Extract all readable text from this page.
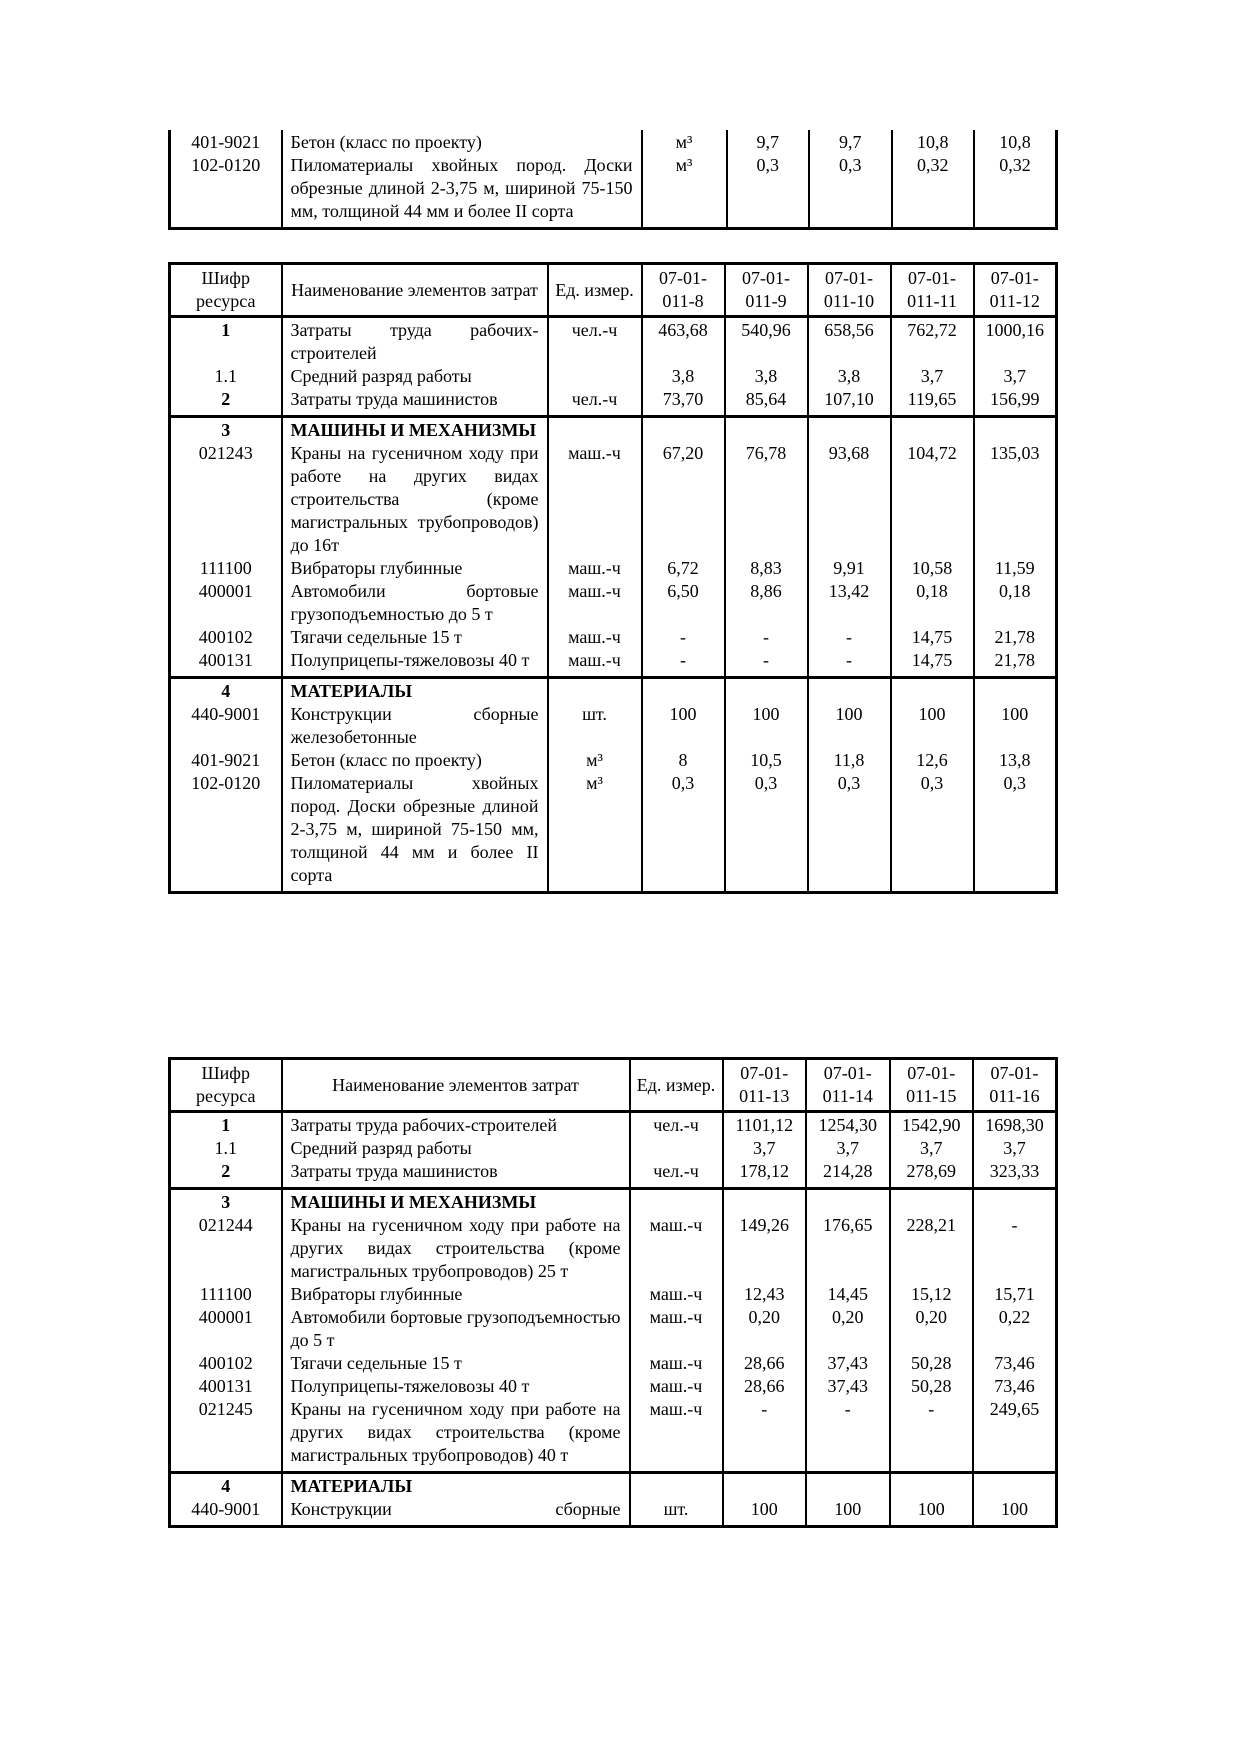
401-9021	Бетон (класс по проекту)	м³	9,7	9,7	10,8	10,8
102-0120	Пиломатериалы хвойных пород. Доски обрезные длиной 2-3,75 м, шириной 75-150 мм, толщиной 44 мм и более II сорта	м³	0,3	0,3	0,32	0,32
Шифр ресурса	Наименование элементов затрат	Ед. измер.	07-01-011-8	07-01-011-9	07-01-011-10	07-01-011-11	07-01-011-12
1	Затраты труда рабочих-строителей	чел.-ч	463,68	540,96	658,56	762,72	1000,16
1.1	Средний разряд работы		3,8	3,8	3,8	3,7	3,7
2	Затраты труда машинистов	чел.-ч	73,70	85,64	107,10	119,65	156,99
3	МАШИНЫ И МЕХАНИЗМЫ						
021243	Краны на гусеничном ходу при работе на других видах строительства (кроме магистральных трубопроводов) до 16т	маш.-ч	67,20	76,78	93,68	104,72	135,03
111100	Вибраторы глубинные	маш.-ч	6,72	8,83	9,91	10,58	11,59
400001	Автомобили бортовые грузоподъемностью до 5 т	маш.-ч	6,50	8,86	13,42	0,18	0,18
400102	Тягачи седельные 15 т	маш.-ч	-	-	-	14,75	21,78
400131	Полуприцепы-тяжеловозы 40 т	маш.-ч	-	-	-	14,75	21,78
4	МАТЕРИАЛЫ						
440-9001	Конструкции сборные железобетонные	шт.	100	100	100	100	100
401-9021	Бетон (класс по проекту)	м³	8	10,5	11,8	12,6	13,8
102-0120	Пиломатериалы хвойных пород. Доски обрезные длиной 2-3,75 м, шириной 75-150 мм, толщиной 44 мм и более II сорта	м³	0,3	0,3	0,3	0,3	0,3
Шифр ресурса	Наименование элементов затрат	Ед. измер.	07-01-011-13	07-01-011-14	07-01-011-15	07-01-011-16
1	Затраты труда рабочих-строителей	чел.-ч	1101,12	1254,30	1542,90	1698,30
1.1	Средний разряд работы		3,7	3,7	3,7	3,7
2	Затраты труда машинистов	чел.-ч	178,12	214,28	278,69	323,33
3	МАШИНЫ И МЕХАНИЗМЫ					
021244	Краны на гусеничном ходу при работе на других видах строительства (кроме магистральных трубопроводов) 25 т	маш.-ч	149,26	176,65	228,21	-
111100	Вибраторы глубинные	маш.-ч	12,43	14,45	15,12	15,71
400001	Автомобили бортовые грузоподъемностью до 5 т	маш.-ч	0,20	0,20	0,20	0,22
400102	Тягачи седельные 15 т	маш.-ч	28,66	37,43	50,28	73,46
400131	Полуприцепы-тяжеловозы 40 т	маш.-ч	28,66	37,43	50,28	73,46
021245	Краны на гусеничном ходу при работе на других видах строительства (кроме магистральных трубопроводов) 40 т	маш.-ч	-	-	-	249,65
4	МАТЕРИАЛЫ					
440-9001	Конструкции сборные	шт.	100	100	100	100
